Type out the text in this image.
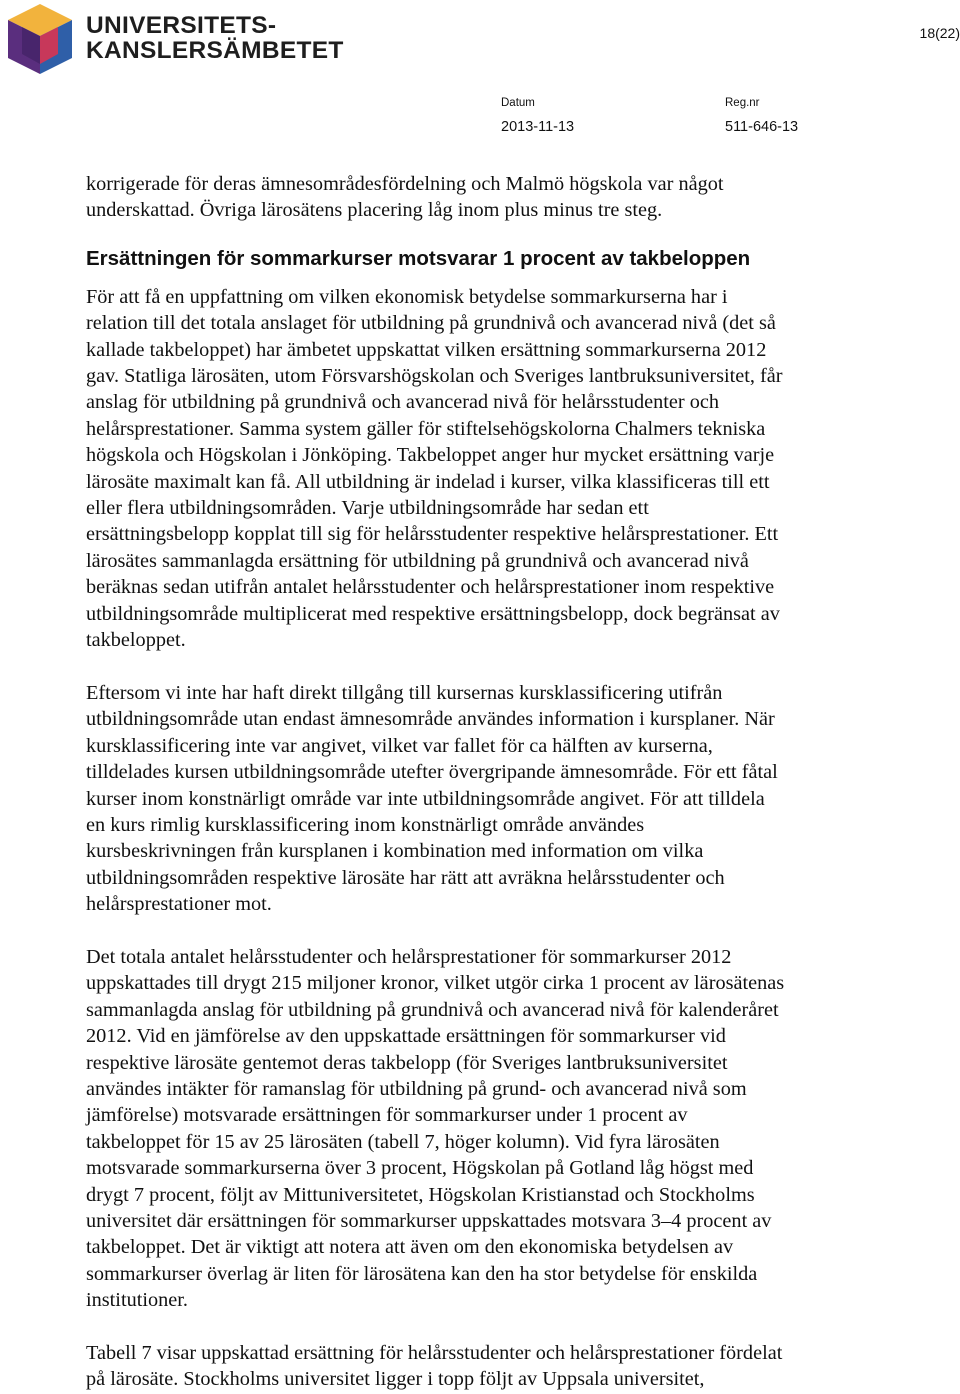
UNIVERSITETS-
KANSLERSÄMBETET
18(22)
Datum
2013-11-13
Reg.nr
511-646-13

korrigerade för deras ämnesområdesfördelning och Malmö högskola var något
underskattad. Övriga lärosätens placering låg inom plus minus tre steg.

Ersättningen för sommarkurser motsvarar 1 procent av takbeloppen

För att få en uppfattning om vilken ekonomisk betydelse sommarkurserna har i
relation till det totala anslaget för utbildning på grundnivå och avancerad nivå (det så
kallade takbeloppet) har ämbetet uppskattat vilken ersättning sommarkurserna 2012
gav. Statliga lärosäten, utom Försvarshögskolan och Sveriges lantbruksuniversitet, får
anslag för utbildning på grundnivå och avancerad nivå för helårsstudenter och
helårsprestationer. Samma system gäller för stiftelsehögskolorna Chalmers tekniska
högskola och Högskolan i Jönköping. Takbeloppet anger hur mycket ersättning varje
lärosäte maximalt kan få. All utbildning är indelad i kurser, vilka klassificeras till ett
eller flera utbildningsområden. Varje utbildningsområde har sedan ett
ersättningsbelopp kopplat till sig för helårsstudenter respektive helårsprestationer. Ett
lärosätes sammanlagda ersättning för utbildning på grundnivå och avancerad nivå
beräknas sedan utifrån antalet helårsstudenter och helårsprestationer inom respektive
utbildningsområde multiplicerat med respektive ersättningsbelopp, dock begränsat av
takbeloppet.

Eftersom vi inte har haft direkt tillgång till kursernas kursklassificering utifrån
utbildningsområde utan endast ämnesområde användes information i kursplaner. När
kursklassificering inte var angivet, vilket var fallet för ca hälften av kurserna,
tilldelades kursen utbildningsområde utefter övergripande ämnesområde. För ett fåtal
kurser inom konstnärligt område var inte utbildningsområde angivet. För att tilldela
en kurs rimlig kursklassificering inom konstnärligt område användes
kursbeskrivningen från kursplanen i kombination med information om vilka
utbildningsområden respektive lärosäte har rätt att avräkna helårsstudenter och
helårsprestationer mot.

Det totala antalet helårsstudenter och helårsprestationer för sommarkurser 2012
uppskattades till drygt 215 miljoner kronor, vilket utgör cirka 1 procent av lärosätenas
sammanlagda anslag för utbildning på grundnivå och avancerad nivå för kalenderåret
2012. Vid en jämförelse av den uppskattade ersättningen för sommarkurser vid
respektive lärosäte gentemot deras takbelopp (för Sveriges lantbruksuniversitet
användes intäkter för ramanslag för utbildning på grund- och avancerad nivå som
jämförelse) motsvarade ersättningen för sommarkurser under 1 procent av
takbeloppet för 15 av 25 lärosäten (tabell 7, höger kolumn). Vid fyra lärosäten
motsvarade sommarkurserna över 3 procent, Högskolan på Gotland låg högst med
drygt 7 procent, följt av Mittuniversitetet, Högskolan Kristianstad och Stockholms
universitet där ersättningen för sommarkurser uppskattades motsvara 3–4 procent av
takbeloppet. Det är viktigt att notera att även om den ekonomiska betydelsen av
sommarkurser överlag är liten för lärosätena kan den ha stor betydelse för enskilda
institutioner.

Tabell 7 visar uppskattad ersättning för helårsstudenter och helårsprestationer fördelat
på lärosäte. Stockholms universitet ligger i topp följt av Uppsala universitet,
